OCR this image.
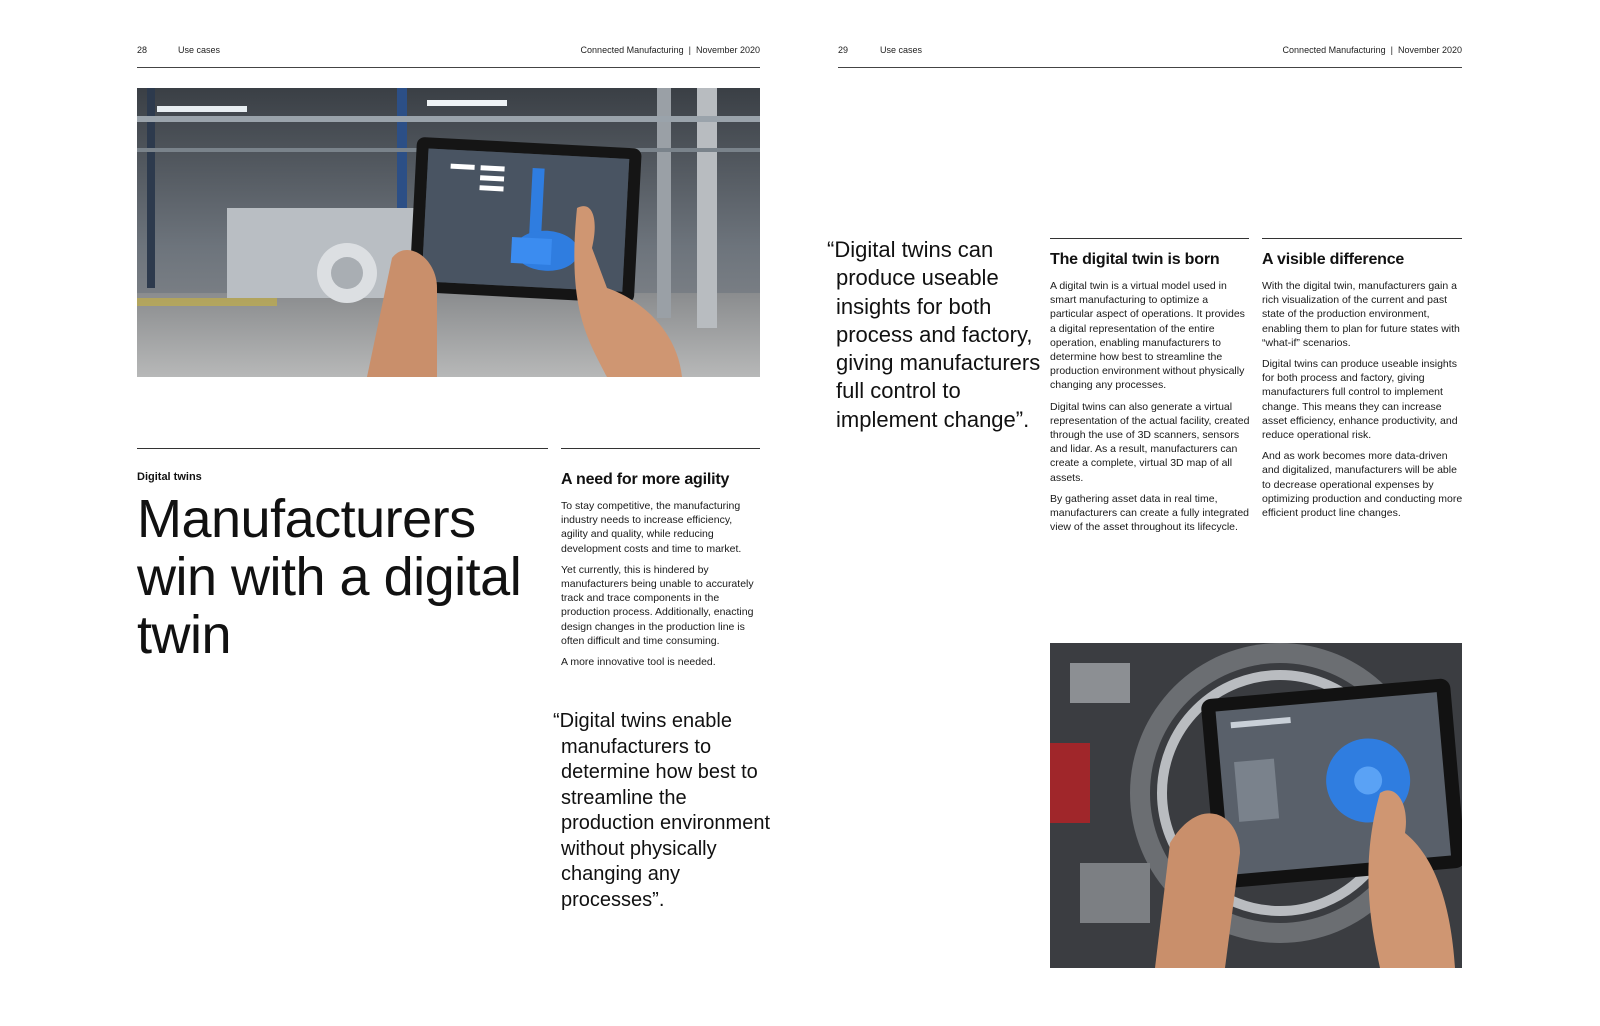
28	Use cases	Connected Manufacturing  |  November 2020
Digital twins
Manufacturers win with a digital twin
A need for more agility

To stay competitive, the manufacturing industry needs to increase efficiency, agility and quality, while reducing development costs and time to market.

Yet currently, this is hindered by manufacturers being unable to accurately track and trace components in the production process. Additionally, enacting design changes in the production line is often difficult and time consuming.

A more innovative tool is needed.

“Digital twins enable manufacturers to determine how best to streamline the production environment without physically changing any processes”.
29	Use cases	Connected Manufacturing  |  November 2020
“Digital twins can produce useable insights for both process and factory, giving manufacturers full control to implement change”.
The digital twin is born

A digital twin is a virtual model used in smart manufacturing to optimize a particular aspect of operations. It provides a digital representation of the entire operation, enabling manufacturers to determine how best to streamline the production environment without physically changing any processes.

Digital twins can also generate a virtual representation of the actual facility, created through the use of 3D scanners, sensors and lidar. As a result, manufacturers can create a complete, virtual 3D map of all assets.

By gathering asset data in real time, manufacturers can create a fully integrated view of the asset throughout its lifecycle.

A visible difference

With the digital twin, manufacturers gain a rich visualization of the current and past state of the production environment, enabling them to plan for future states with “what-if” scenarios.

Digital twins can produce useable insights for both process and factory, giving manufacturers full control to implement change. This means they can increase asset efficiency, enhance productivity, and reduce operational risk.

And as work becomes more data-driven and digitalized, manufacturers will be able to decrease operational expenses by optimizing production and conducting more efficient product line changes.
